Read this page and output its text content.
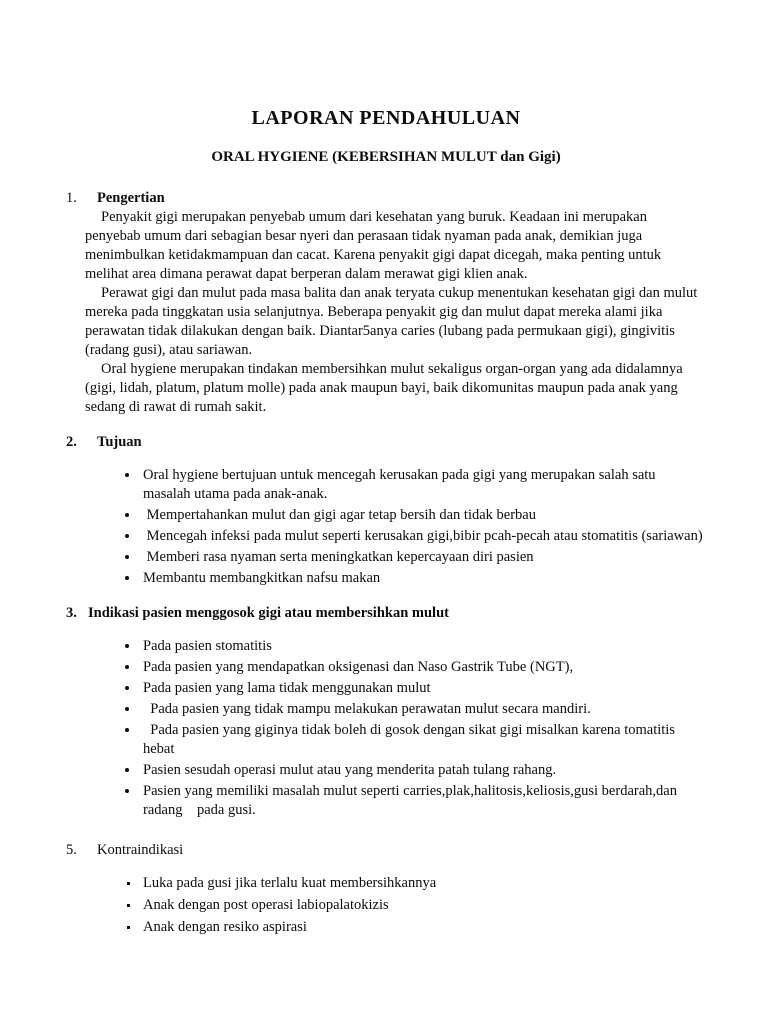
LAPORAN PENDAHULUAN
ORAL HYGIENE (KEBERSIHAN MULUT dan Gigi)
1.	Pengertian

Penyakit gigi merupakan penyebab umum dari kesehatan yang buruk. Keadaan ini merupakan penyebab umum dari sebagian besar nyeri dan perasaan tidak nyaman pada anak, demikian juga menimbulkan ketidakmampuan dan cacat. Karena penyakit gigi dapat dicegah, maka penting untuk melihat area dimana perawat dapat berperan dalam merawat gigi klien anak.

Perawat gigi dan mulut pada masa balita dan anak teryata cukup menentukan kesehatan gigi dan mulut mereka pada tinggkatan usia selanjutnya. Beberapa penyakit gig dan mulut dapat mereka alami jika perawatan tidak dilakukan dengan baik. Diantar5anya caries (lubang pada permukaan gigi), gingivitis (radang gusi), atau sariawan.

Oral hygiene merupakan tindakan membersihkan mulut sekaligus organ-organ yang ada didalamnya (gigi, lidah, platum, platum molle) pada anak maupun bayi, baik dikomunitas maupun pada anak yang sedang di rawat di rumah sakit.

2.	Tujuan
• Oral hygiene bertujuan untuk mencegah kerusakan pada gigi yang merupakan salah satu masalah utama pada anak-anak.
•  Mempertahankan mulut dan gigi agar tetap bersih dan tidak berbau
•  Mencegah infeksi pada mulut seperti kerusakan gigi,bibir pcah-pecah atau stomatitis (sariawan)
•  Memberi rasa nyaman serta meningkatkan kepercayaan diri pasien
• Membantu membangkitkan nafsu makan
3. Indikasi pasien menggosok gigi atau membersihkan mulut
• Pada pasien stomatitis
• Pada pasien yang mendapatkan oksigenasi dan Naso Gastrik Tube (NGT),
• Pada pasien yang lama tidak menggunakan mulut
•   Pada pasien yang tidak mampu melakukan perawatan mulut secara mandiri.
•   Pada pasien yang giginya tidak boleh di gosok dengan sikat gigi misalkan karena tomatitis hebat
• Pasien sesudah operasi mulut atau yang menderita patah tulang rahang.
• Pasien yang memiliki masalah mulut seperti carries,plak,halitosis,keliosis,gusi berdarah,dan radang    pada gusi.
5.	Kontraindikasi
▪ Luka pada gusi jika terlalu kuat membersihkannya
▪ Anak dengan post operasi labiopalatokizis
▪ Anak dengan resiko aspirasi
